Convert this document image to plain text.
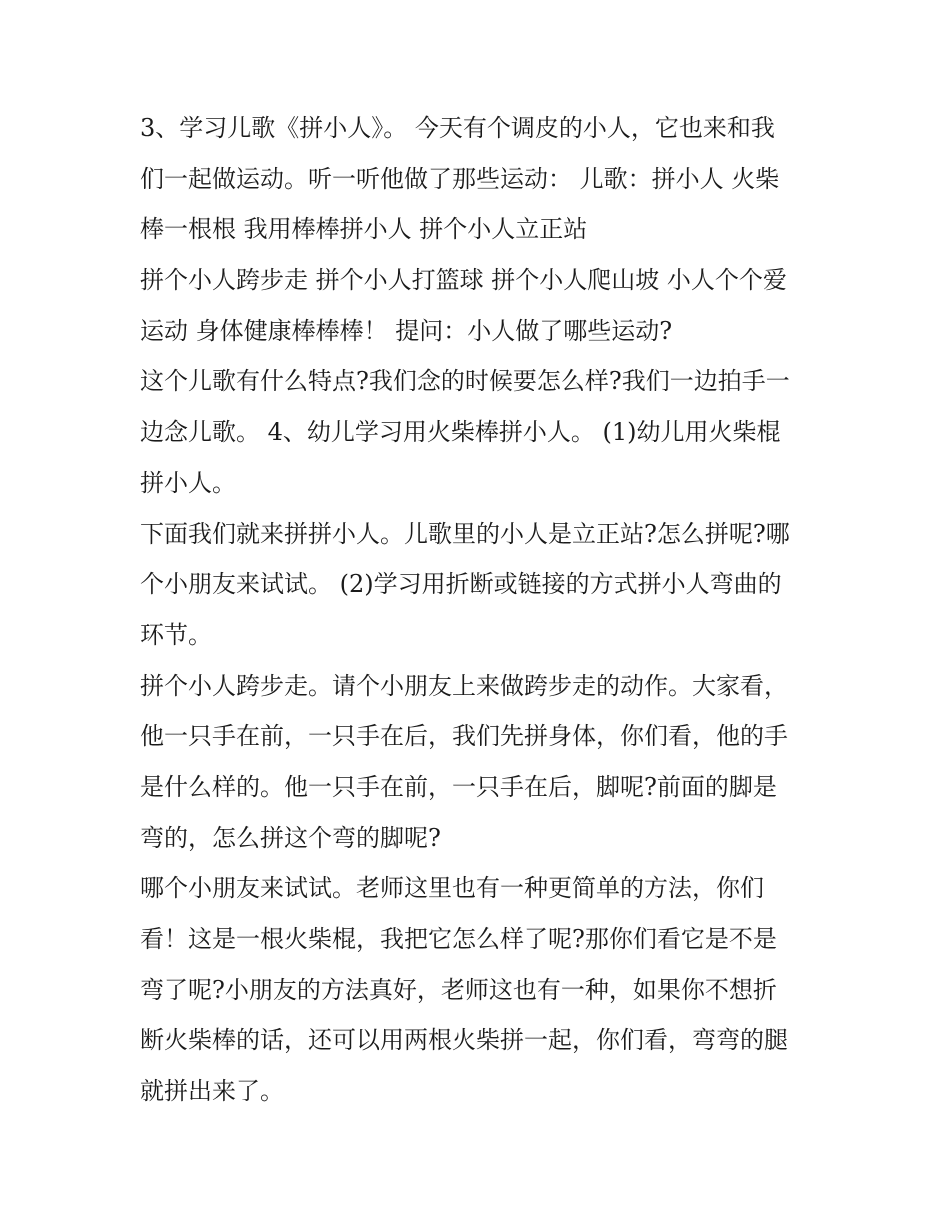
3、学习儿歌《拼小人》。 今天有个调皮的小人，它也来和我
们一起做运动。听一听他做了那些运动： 儿歌：拼小人 火柴
棒一根根 我用棒棒拼小人 拼个小人立正站
拼个小人跨步走 拼个小人打篮球 拼个小人爬山坡 小人个个爱
运动 身体健康棒棒棒！ 提问：小人做了哪些运动?
这个儿歌有什么特点?我们念的时候要怎么样?我们一边拍手一
边念儿歌。 4、幼儿学习用火柴棒拼小人。 (1)幼儿用火柴棍
拼小人。
下面我们就来拼拼小人。儿歌里的小人是立正站?怎么拼呢?哪
个小朋友来试试。 (2)学习用折断或链接的方式拼小人弯曲的
环节。
拼个小人跨步走。请个小朋友上来做跨步走的动作。大家看，
他一只手在前，一只手在后，我们先拼身体，你们看，他的手
是什么样的。他一只手在前，一只手在后，脚呢?前面的脚是
弯的，怎么拼这个弯的脚呢?
哪个小朋友来试试。老师这里也有一种更简单的方法，你们
看！这是一根火柴棍，我把它怎么样了呢?那你们看它是不是
弯了呢?小朋友的方法真好，老师这也有一种，如果你不想折
断火柴棒的话，还可以用两根火柴拼一起，你们看，弯弯的腿
就拼出来了。
